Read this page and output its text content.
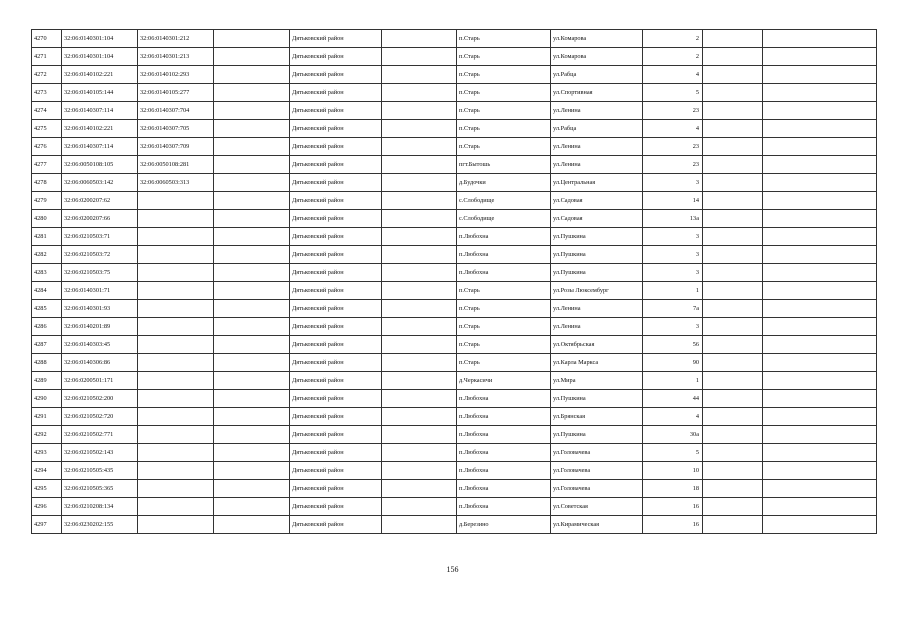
4270	32:06:0140301:104	32:06:0140301:212		Дятьковский район		п.Старь	ул.Комарова	2		
4271	32:06:0140301:104	32:06:0140301:213		Дятьковский район		п.Старь	ул.Комарова	2		
4272	32:06:0140102:221	32:06:0140102:293		Дятьковский район		п.Старь	ул.Рабца	4		
4273	32:06:0140105:144	32:06:0140105:277		Дятьковский район		п.Старь	ул.Спортивная	5		
4274	32:06:0140307:114	32:06:0140307:704		Дятьковский район		п.Старь	ул.Ленина	23		
4275	32:06:0140102:221	32:06:0140307:705		Дятьковский район		п.Старь	ул.Рабца	4		
4276	32:06:0140307:114	32:06:0140307:709		Дятьковский район		п.Старь	ул.Ленина	23		
4277	32:06:0050108:105	32:06:0050108:281		Дятьковский район		пгт.Бытошь	ул.Ленина	23		
4278	32:06:0060503:142	32:06:0060503:313		Дятьковский район		д.Будочки	ул.Центральная	3		
4279	32:06:0200207:62			Дятьковский район		с.Слободище	ул.Садовая	14		
4280	32:06:0200207:66			Дятьковский район		с.Слободище	ул.Садовая	13а		
4281	32:06:0210503:71			Дятьковский район		п.Любохна	ул.Пушкина	3		
4282	32:06:0210503:72			Дятьковский район		п.Любохна	ул.Пушкина	3		
4283	32:06:0210503:75			Дятьковский район		п.Любохна	ул.Пушкина	3		
4284	32:06:0140301:71			Дятьковский район		п.Старь	ул.Розы Люксембург	1		
4285	32:06:0140301:93			Дятьковский район		п.Старь	ул.Ленина	7а		
4286	32:06:0140201:89			Дятьковский район		п.Старь	ул.Ленина	3		
4287	32:06:0140303:45			Дятьковский район		п.Старь	ул.Октябрьская	56		
4288	32:06:0140306:86			Дятьковский район		п.Старь	ул.Карла Маркса	90		
4289	32:06:0200501:171			Дятьковский район		д.Черкасичи	ул.Мира	1		
4290	32:06:0210502:200			Дятьковский район		п.Любохна	ул.Пушкина	44		
4291	32:06:0210502:720			Дятьковский район		п.Любохна	ул.Брянская	4		
4292	32:06:0210502:771			Дятьковский район		п.Любохна	ул.Пушкина	30а		
4293	32:06:0210502:143			Дятьковский район		п.Любохна	ул.Головачева	5		
4294	32:06:0210505:435			Дятьковский район		п.Любохна	ул.Головачева	10		
4295	32:06:0210505:365			Дятьковский район		п.Любохна	ул.Головачева	18		
4296	32:06:0210208:134			Дятьковский район		п.Любохна	ул.Советская	16		
4297	32:06:0230202:155			Дятьковский район		д.Березино	ул.Кирамическая	16		
156
